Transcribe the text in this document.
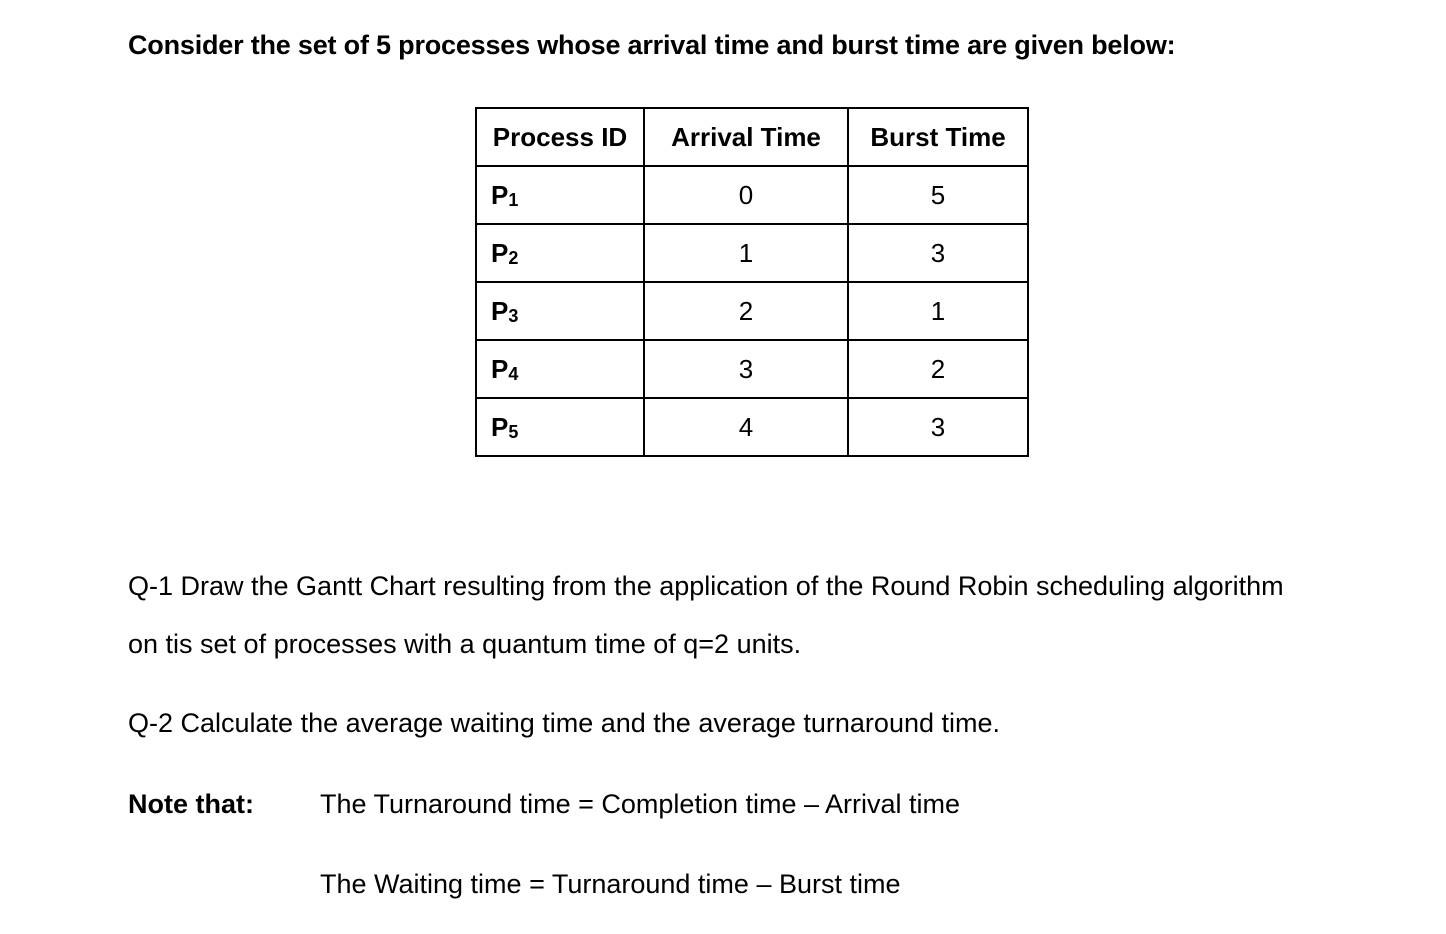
Consider the set of 5 processes whose arrival time and burst time are given below:
Process ID	Arrival Time	Burst Time
$P_1$	0	5
$P_2$	1	3
$P_3$	2	1
$P_4$	3	2
$P_5$	4	3
Q-1 Draw the Gantt Chart resulting from the application of the Round Robin scheduling algorithm
on tis set of processes with a quantum time of q=2 units.
Q-2 Calculate the average waiting time and the average turnaround time.
Note that: The Turnaround time = Completion time – Arrival time
The Waiting time = Turnaround time – Burst time
